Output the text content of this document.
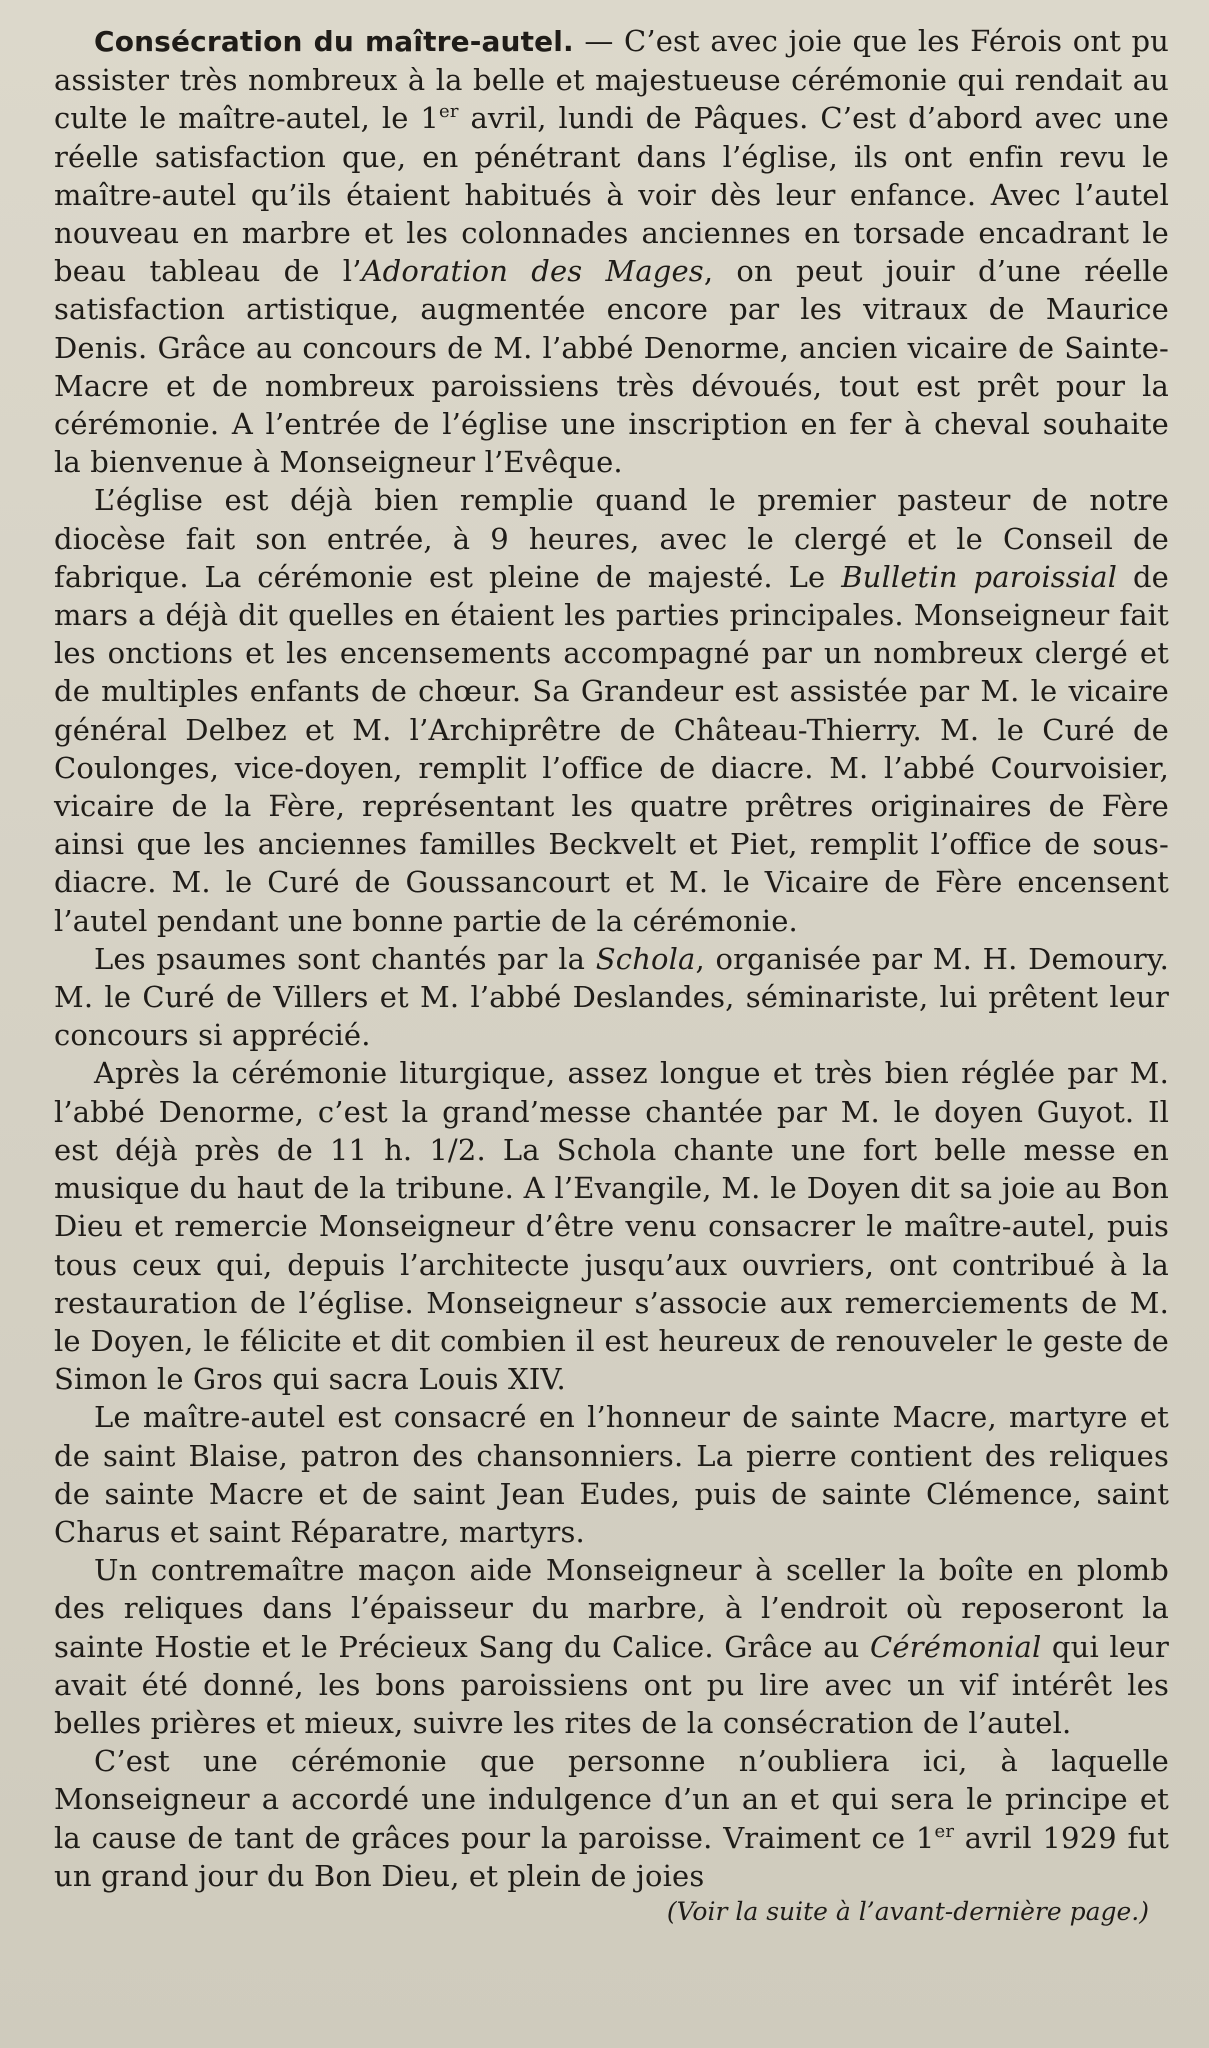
Consécration du maître-autel. — C’est avec joie que les Férois ont pu assister très nombreux à la belle et majestueuse cérémonie qui rendait au culte le maître-autel, le 1er avril, lundi de Pâques. C’est d’abord avec une réelle satisfaction que, en pénétrant dans l’église, ils ont enfin revu le maître-autel qu’ils étaient habitués à voir dès leur enfance. Avec l’autel nouveau en marbre et les colonnades anciennes en torsade encadrant le beau tableau de l’Adoration des Mages, on peut jouir d’une réelle satisfaction artistique, augmentée encore par les vitraux de Maurice Denis. Grâce au concours de M. l’abbé Denorme, ancien vicaire de Sainte-Macre et de nombreux paroissiens très dévoués, tout est prêt pour la cérémonie. A l’entrée de l’église une inscription en fer à cheval souhaite la bienvenue à Monseigneur l’Evêque.

L’église est déjà bien remplie quand le premier pasteur de notre diocèse fait son entrée, à 9 heures, avec le clergé et le Conseil de fabrique. La cérémonie est pleine de majesté. Le Bulletin paroissial de mars a déjà dit quelles en étaient les parties principales. Monseigneur fait les onctions et les encensements accompagné par un nombreux clergé et de multiples enfants de chœur. Sa Grandeur est assistée par M. le vicaire général Delbez et M. l’Archiprêtre de Château-Thierry. M. le Curé de Coulonges, vice-doyen, remplit l’office de diacre. M. l’abbé Courvoisier, vicaire de la Fère, représentant les quatre prêtres originaires de Fère ainsi que les anciennes familles Beckvelt et Piet, remplit l’office de sous-diacre. M. le Curé de Goussancourt et M. le Vicaire de Fère encensent l’autel pendant une bonne partie de la cérémonie.

Les psaumes sont chantés par la Schola, organisée par M. H. Demoury. M. le Curé de Villers et M. l’abbé Deslandes, séminariste, lui prêtent leur concours si apprécié.

Après la cérémonie liturgique, assez longue et très bien réglée par M. l’abbé Denorme, c’est la grand’messe chantée par M. le doyen Guyot. Il est déjà près de 11 h. 1/2. La Schola chante une fort belle messe en musique du haut de la tribune. A l’Evangile, M. le Doyen dit sa joie au Bon Dieu et remercie Monseigneur d’être venu consacrer le maître-autel, puis tous ceux qui, depuis l’architecte jusqu’aux ouvriers, ont contribué à la restauration de l’église. Monseigneur s’associe aux remerciements de M. le Doyen, le félicite et dit combien il est heureux de renouveler le geste de Simon le Gros qui sacra Louis XIV.

Le maître-autel est consacré en l’honneur de sainte Macre, martyre et de saint Blaise, patron des chansonniers. La pierre contient des reliques de sainte Macre et de saint Jean Eudes, puis de sainte Clémence, saint Charus et saint Réparatre, martyrs.

Un contremaître maçon aide Monseigneur à sceller la boîte en plomb des reliques dans l’épaisseur du marbre, à l’endroit où reposeront la sainte Hostie et le Précieux Sang du Calice. Grâce au Cérémonial qui leur avait été donné, les bons paroissiens ont pu lire avec un vif intérêt les belles prières et mieux, suivre les rites de la consécration de l’autel.

C’est une cérémonie que personne n’oubliera ici, à laquelle Monseigneur a accordé une indulgence d’un an et qui sera le principe et la cause de tant de grâces pour la paroisse. Vraiment ce 1er avril 1929 fut un grand jour du Bon Dieu, et plein de joies

(Voir la suite à l’avant-dernière page.)
